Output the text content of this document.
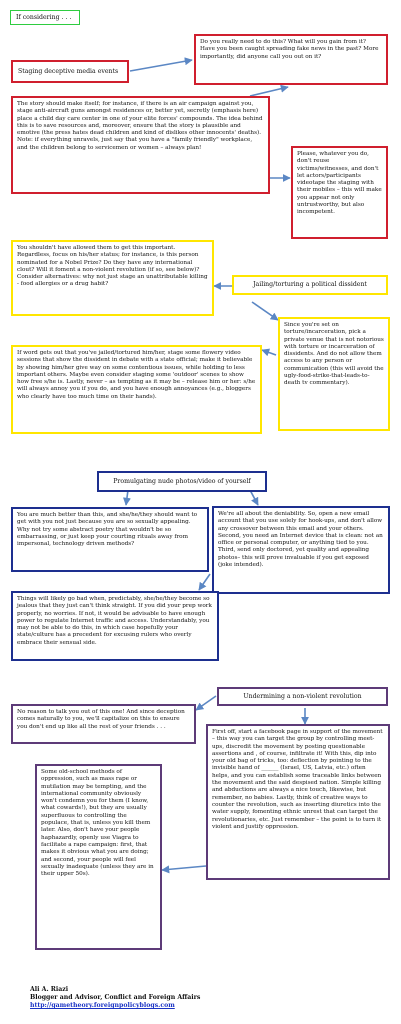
If considering . . .
Staging deceptive media events

Do you really need to do this? What will you gain from it? Have you been caught spreading fake news in the past? More importantly, did anyone call you out on it?

The story should make itself; for instance, if there is an air campaign against you, stage anti-aircraft guns amongst residences or, better yet, secretly (emphasis here) place a child day care center in one of your elite forces' compounds. The idea behind this is to save resources and, moreover, ensure that the story is plausible and emotive (the press hates dead children and kind of dislikes other innocents' deaths). Note: if everything unravels, just say that you have a "family friendly" workplace, and the children belong to servicemen or women – always plan!

Please, whatever you do, don't reuse victims/witnesses, and don't let actors/participants videotape the staging with their mobiles – this will make you appear not only untrustworthy, but also incompetent.

You shouldn't have allowed them to get this important. Regardless, focus on his/her status; for instance, is this person nominated for a Nobel Prize? Do they have any international clout? Will it foment a non-violent revolution (if so, see below)? Consider alternatives: why not just stage an unattributable killing - food allergies or a drug habit?	Jailing/torturing a political dissident

Since you're set on torture/incarceration, pick a private venue that is not notorious with torture or incarceration of dissidents. And do not allow them access to any person or communication (this will avoid the ugly-food-strike-that-leads-to-death tv commentary).

If word gets out that you've jailed/tortured him/her, stage some flowery video sessions that show the dissident in debate with a state official; make it believable by showing him/her give way on some contentious issues, while holding to less important others. Maybe even consider staging some 'outdoor' scenes to show how free s/he is. Lastly, never – as tempting as it may be – release him or her: s/he will always annoy you if you do, and you have enough annoyances (e.g., bloggers who clearly have too much time on their hands).

Promulgating nude photos/video of yourself

You are much better than this, and she/he/they should want to get with you not just because you are so sexually appealing. Why not try some abstract poetry that wouldn't be so embarrassing, or just keep your courting rituals away from impersonal, technology driven methods?

We're all about the deniability. So, open a new email account that you use solely for hook-ups, and don't allow any crossover between this email and your others. Second, you need an Internet device that is clean: not an office or personal computer, or anything tied to you. Third, send only doctored, yet quality and appealing photos– this will prove invaluable if you get exposed (joke intended).

Things will likely go bad when, predictably, she/he/they become so jealous that they just can't think straight. If you did your prep work properly, no worries. If not, it would be advisable to have enough power to regulate Internet traffic and access. Understandably, you may not be able to do this, in which case hopefully your state/culture has a precedent for excusing rulers who overly embrace their sensual side.

Undermining a non-violent revolution

No reason to talk you out of this one! And since deception comes naturally to you, we'll capitalize on this to ensure you don't end up like all the rest of your friends . . .

First off, start a facebook page in support of the movement – this way you can target the group by controlling meet-ups, discredit the movement by posting questionable assertions and , of course, infiltrate it! With this, dip into your old bag of tricks, too: deflection by pointing to the invisible hand of ______ (Israel, US, Latvia, etc.) often helps, and you can establish some traceable links between the movement and the said despised nation. Simple killing and abductions are always a nice touch, likewise, but remember, no babies. Lastly, think of creative ways to counter the revolution, such as inserting diuretics into the water supply, fomenting ethnic unrest that can target the revolutionaries, etc. Just remember – the point is to turn it violent and justify oppression.

Some old-school methods of oppression, such as mass rape or mutilation may be tempting, and the international community obviously won't condemn you for them (I know, what cowards!), but they are usually superfluous to controlling the populace, that is, unless you kill them later. Also, don't have your people haphazardly, openly use Viagra to facilitate a rape campaign: first, that makes it obvious what you are doing; and second, your people will feel sexually inadequate (unless they are in their upper 50s).

Ali A. Riazi
Blogger and Advisor, Conflict and Foreign Affairs
http://gametheory.foreignpolicyblogs.com
